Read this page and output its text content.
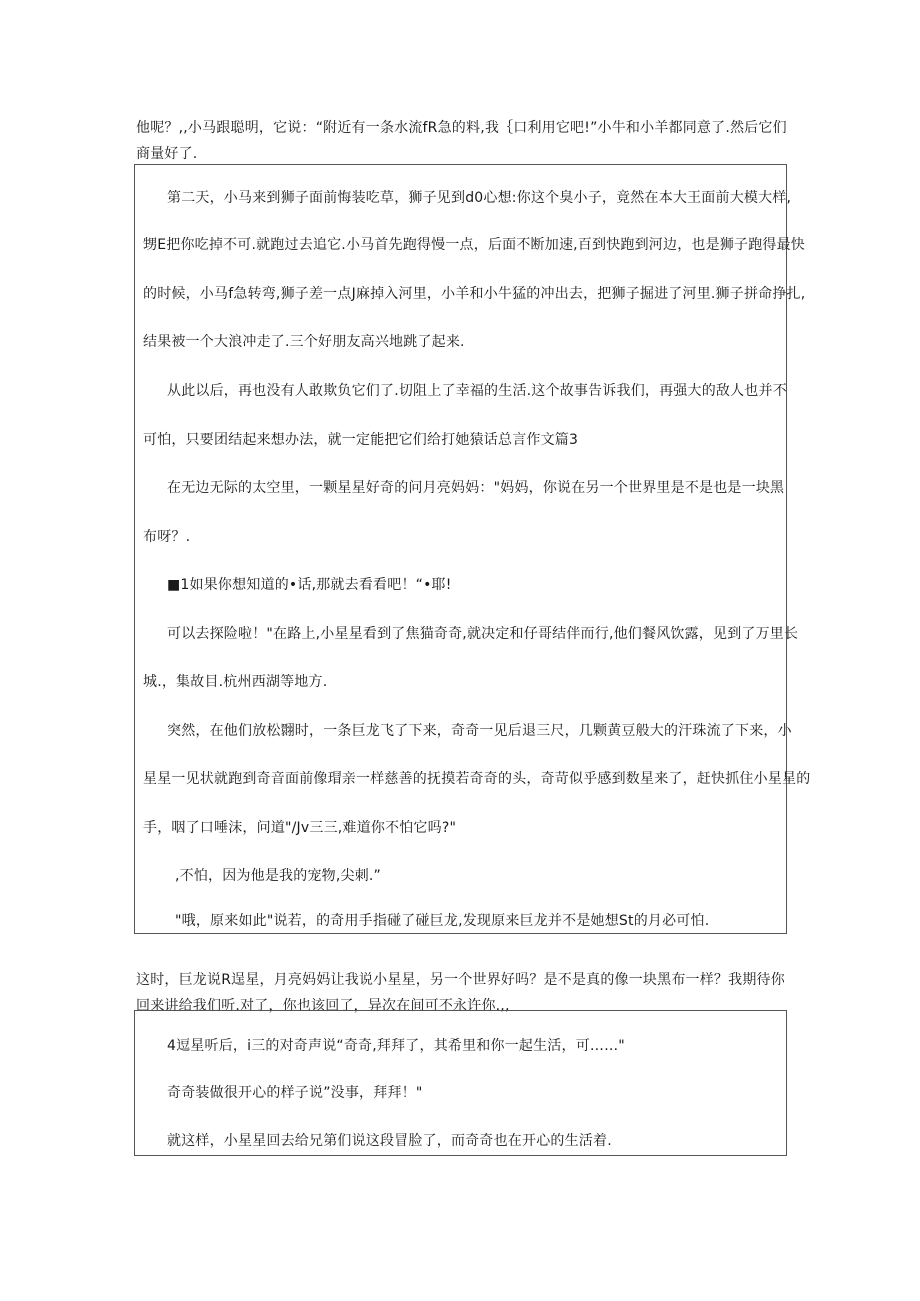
他呢？,,小马跟聪明，它说：“附近有一条水流fR急的料,我｛口利用它吧!”小牛和小羊都同意了.然后它们

商量好了.

第二天，小马来到狮子面前悔装吃草，狮子见到d0心想:你这个臭小子，竟然在本大王面前大模大样,

甥E把你吃掉不可.就跑过去追它.小马首先跑得慢一点，后面不断加速,百到快跑到河边，也是狮子跑得最快

的时候，小马f急转弯,狮子差一点J麻掉入河里，小羊和小牛猛的冲出去，把狮子掘进了河里.狮子拼命挣扎,

结果被一个大浪冲走了.三个好朋友高兴地跳了起来.

从此以后，再也没有人敢欺负它们了.切阻上了幸福的生活.这个故事告诉我们，再强大的敌人也并不

可怕，只要团结起来想办法，就一定能把它们给打她猿话总言作文篇3

在无边无际的太空里，一颗星星好奇的问月亮妈妈："妈妈，你说在另一个世界里是不是也是一块黑

布呀？.

■1如果你想知道的•话,那就去看看吧！“•耶!

可以去探险啦！"在路上,小星星看到了焦猫奇奇,就决定和仔哥结伴而行,他们餐风饮露，见到了万里长

城.，集故目.杭州西湖等地方.

突然，在他们放松翾时，一条巨龙飞了下来，奇奇一见后退三尺，几颗黄豆般大的汗珠流了下来，小

星星一见状就跑到奇音面前像瑁亲一样慈善的抚摸若奇奇的头，奇苛似乎感到数星来了，赶快抓住小星星的

手，咽了口唾沫，问道"/Jv三三,难道你不怕它吗?"

,不怕，因为他是我的宠物,尖刺.”

"哦，原来如此"说若，的奇用手指碰了碰巨龙,发现原来巨龙并不是她想St的月必可怕.

这时，巨龙说R逞星，月亮妈妈让我说小星星，另一个世界好吗？是不是真的像一块黑布一样？我期待你

回来讲给我们听.对了，你也该回了，异次在间可不永许你.,,

4逗星听后，i三的对奇声说“奇奇,拜拜了，其希里和你一起生活，可……"

奇奇装做很开心的样子说”没事，拜拜！"

就这样，小星星回去给兄第们说这段冒脸了，而奇奇也在开心的生活着.
